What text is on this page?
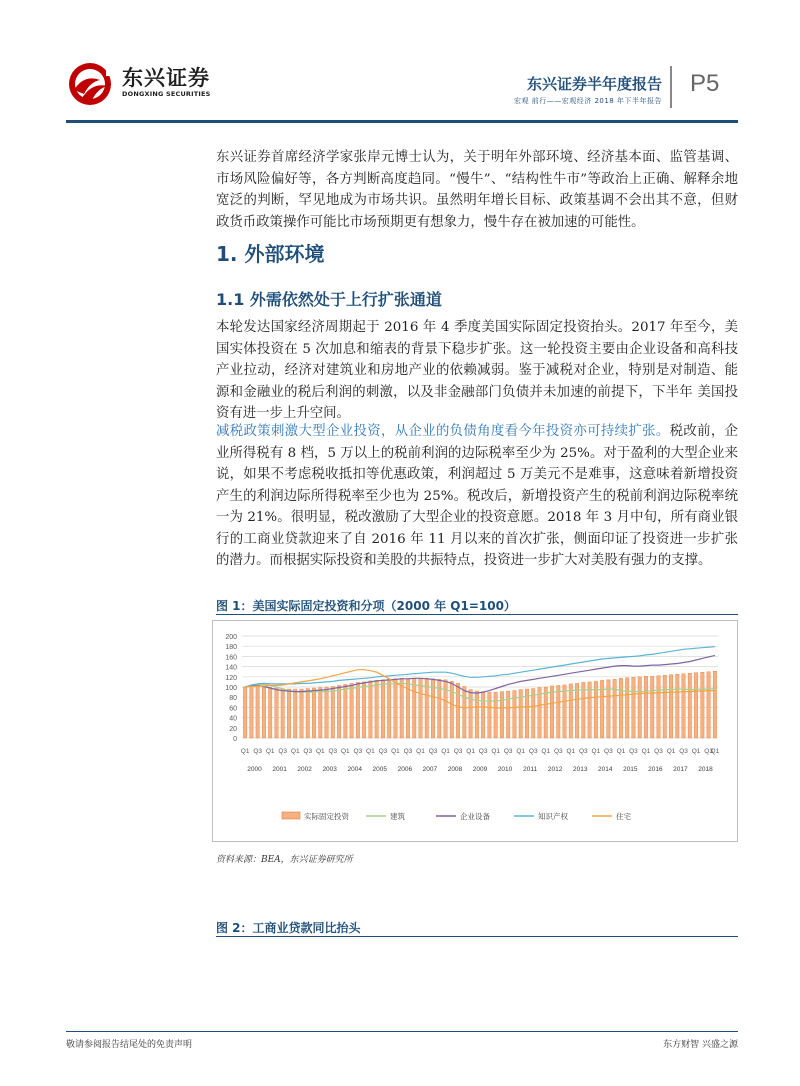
东兴证券
DONGXING SECURITIES
东兴证券半年度报告
宏观 前行——宏观经济 2018 年下半年报告
P5

东兴证券首席经济学家张岸元博士认为，关于明年外部环境、经济基本面、监管基调、市场风险偏好等，各方判断高度趋同。“慢牛”、“结构性牛市”等政治上正确、解释余地宽泛的判断，罕见地成为市场共识。虽然明年增长目标、政策基调不会出其不意，但财政货币政策操作可能比市场预期更有想象力，慢牛存在被加速的可能性。

1. 外部环境
1.1 外需依然处于上行扩张通道

本轮发达国家经济周期起于 2016 年 4 季度美国实际固定投资抬头。2017 年至今，美国实体投资在 5 次加息和缩表的背景下稳步扩张。这一轮投资主要由企业设备和高科技产业拉动，经济对建筑业和房地产业的依赖减弱。鉴于减税对企业，特别是对制造、能源和金融业的税后利润的刺激，以及非金融部门负债并未加速的前提下，下半年 美国投资有进一步上升空间。

减税政策刺激大型企业投资，从企业的负债角度看今年投资亦可持续扩张。税改前，企业所得税有 8 档，5 万以上的税前利润的边际税率至少为 25%。对于盈利的大型企业来说，如果不考虑税收抵扣等优惠政策，利润超过 5 万美元不是难事，这意味着新增投资产生的利润边际所得税率至少也为 25%。税改后，新增投资产生的税前利润边际税率统一为 21%。很明显，税改激励了大型企业的投资意愿。2018 年 3 月中旬，所有商业银行的工商业贷款迎来了自 2016 年 11 月以来的首次扩张，侧面印证了投资进一步扩张的潜力。而根据实际投资和美股的共振特点，投资进一步扩大对美股有强力的支撑。

图 1：美国实际固定投资和分项（2000 年 Q1=100）
0
20
40
60
80
100
120
140
160
180
200
Q1 Q3 Q1 Q3 Q1 Q3 Q1 Q3 Q1 Q3 Q1 Q3 Q1 Q3 Q1 Q3 Q1 Q3 Q1 Q3 Q1 Q3 Q1 Q3 Q1 Q3 Q1 Q3 Q1 Q3 Q1 Q3 Q1 Q3 Q1 Q3 Q1 Q3
Q1
2000 2001 2002 2003 2004 2005 2006 2007 2008 2009 2010 2011 2012 2013 2014 2015 2016 2017 2018
实际固定投资	建筑	企业设备	知识产权	住宅
资料来源：BEA，东兴证券研究所
图 2：工商业贷款同比抬头
敬请参阅报告结尾处的免责声明	东方财智 兴盛之源
